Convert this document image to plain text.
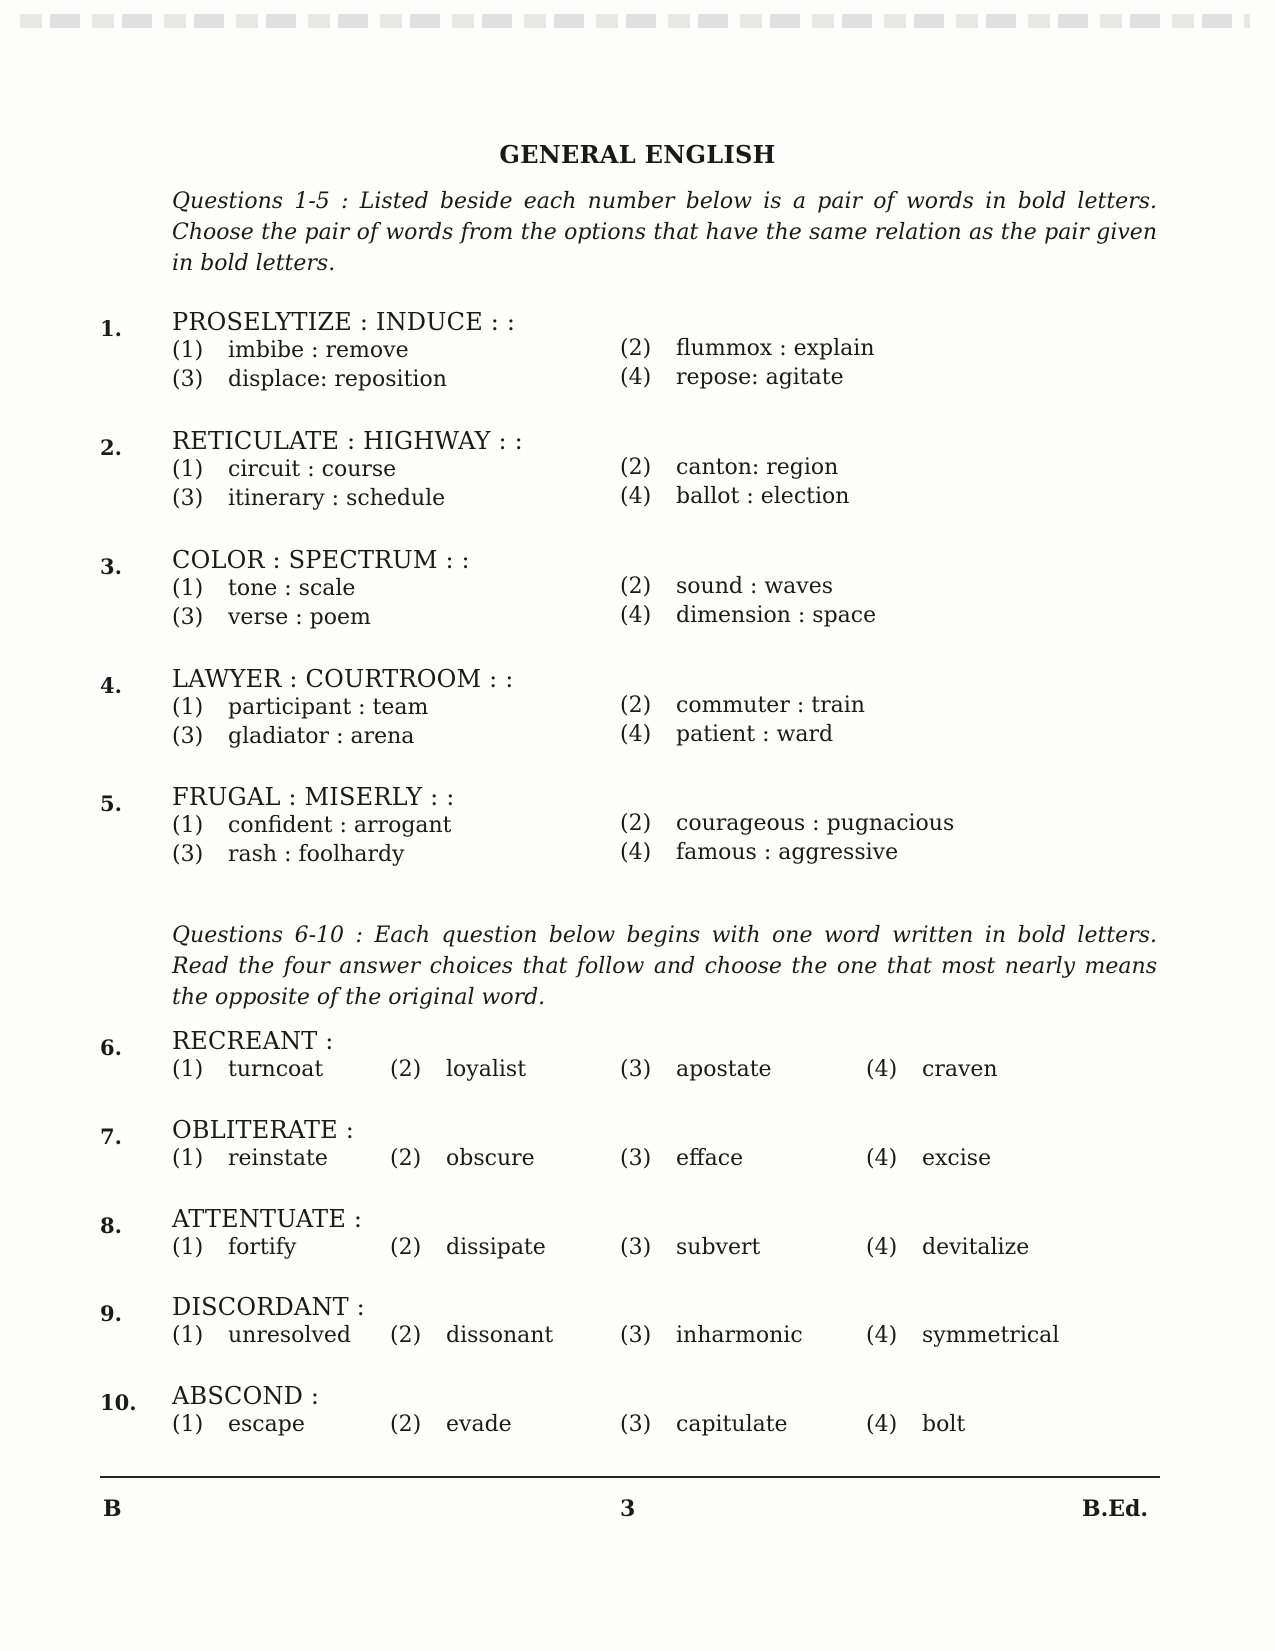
GENERAL ENGLISH
Questions 1-5 : Listed beside each number below is a pair of words in bold letters. Choose the pair of words from the options that have the same relation as the pair given in bold letters.
1. PROSELYTIZE : INDUCE : :
(1) imbibe : remove	(2) flummox : explain
(3) displace: reposition	(4) repose: agitate
2. RETICULATE : HIGHWAY : :
(1) circuit : course	(2) canton: region
(3) itinerary : schedule	(4) ballot : election
3. COLOR : SPECTRUM : :
(1) tone : scale	(2) sound : waves
(3) verse : poem	(4) dimension : space
4. LAWYER : COURTROOM : :
(1) participant : team	(2) commuter : train
(3) gladiator : arena	(4) patient : ward
5. FRUGAL : MISERLY : :
(1) confident : arrogant	(2) courageous : pugnacious
(3) rash : foolhardy	(4) famous : aggressive
Questions 6-10 : Each question below begins with one word written in bold letters. Read the four answer choices that follow and choose the one that most nearly means the opposite of the original word.
6. RECREANT :
(1) turncoat	(2) loyalist	(3) apostate	(4) craven
7. OBLITERATE :
(1) reinstate	(2) obscure	(3) efface	(4) excise
8. ATTENTUATE :
(1) fortify	(2) dissipate	(3) subvert	(4) devitalize
9. DISCORDANT :
(1) unresolved (2) dissonant	(3) inharmonic	(4) symmetrical
10. ABSCOND :
(1) escape	(2) evade	(3) capitulate	(4) bolt
B	3	B.Ed.
